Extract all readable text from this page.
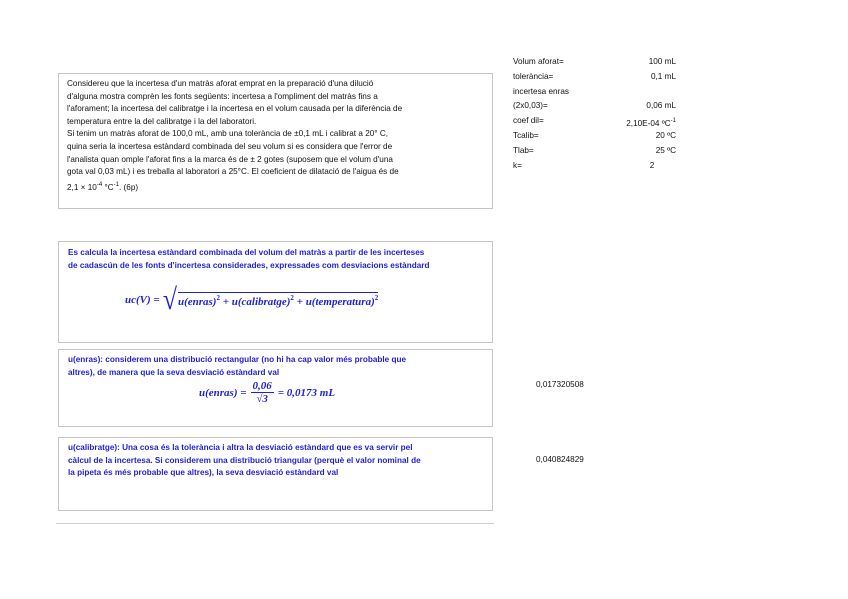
Considereu que la incertesa d'un matràs aforat emprat en la preparació d'una dilució

d'alguna mostra comprèn les fonts següents: incertesa a l'ompliment del matràs fins a

l'aforament; la incertesa del calibratge i la incertesa en el volum causada per la diferència de

temperatura entre la del calibratge i la del laboratori.

Si tenim un matràs aforat de 100,0 mL, amb una tolerància de ±0,1 mL i calibrat a 20° C,

quina seria la incertesa estàndard combinada del seu volum si es considera que l'error de

l'analista quan omple l'aforat fins a la marca és de ± 2 gotes (suposem que el volum d'una

gota val 0,03 mL) i es treballa al laboratori a 25°C. El coeficient de dilatació de l'aigua és de

$2,1 \times 10^{-4}$ $^\circ C^{-1}$. (6p)

Es calcula la incertesa estàndard combinada del volum del matràs a partir de les incerteses

de cadascún de les fonts d'incertesa considerades, expressades com desviacions estàndard

uc(V) = √ u(enras)$^2$ + u(calibratge)$^2$ + u(temperatura)$^2$

u(enras): considerem una distribució rectangular (no hi ha cap valor més probable que

altres), de manera que la seva desviació estàndard val

u(enras) = $\frac{0,06}{√3} = 0,0173$ mL

u(calibratge): Una cosa és la tolerància i altra la desviació estàndard que es va servir pel

càlcul de la incertesa. Si considerem una distribució triangular (perquè el valor nominal de

la pipeta és més probable que altres), la seva desviació estàndard val

Volum aforat=	100 mL
tolerància=	0,1 mL
incertesa enras
(2x0,03)=	0,06 mL
coef dil=	2,10E-04 ºC$^{-1}$
Tcalib=	20 ºC
Tlab=	25 ºC
k=	2
0,017320508
0,040824829
